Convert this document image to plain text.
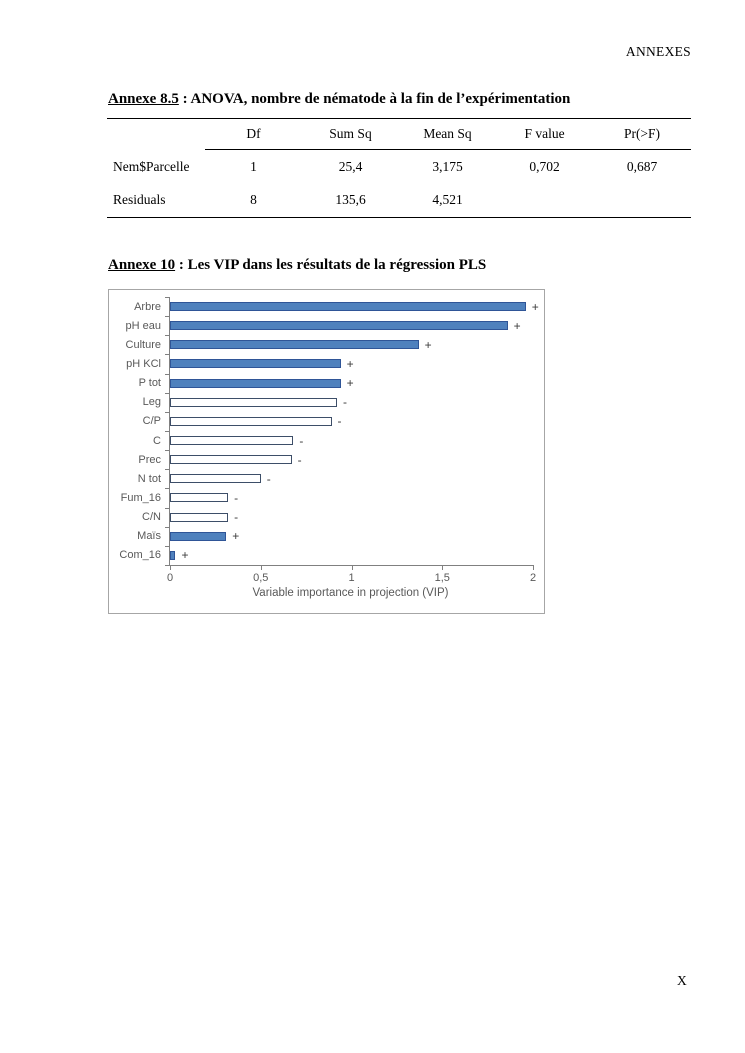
ANNEXES
Annexe 8.5 : ANOVA, nombre de nématode à la fin de l’expérimentation
	Df	Sum Sq	Mean Sq	F value	Pr(>F)
Nem$Parcelle	1	25,4	3,175	0,702	0,687
Residuals	8	135,6	4,521		
Annexe 10 : Les VIP dans les résultats de la régression PLS
Arbre
pH eau
Culture
pH KCl
P tot
Leg
C/P
C
Prec
N tot
Fum_16
C/N
Maïs
Com_16
+
+
+
+
+
-
-
-
-
-
-
-
+
+
0	0,5	1	1,5	2
Variable importance in projection (VIP)
X
